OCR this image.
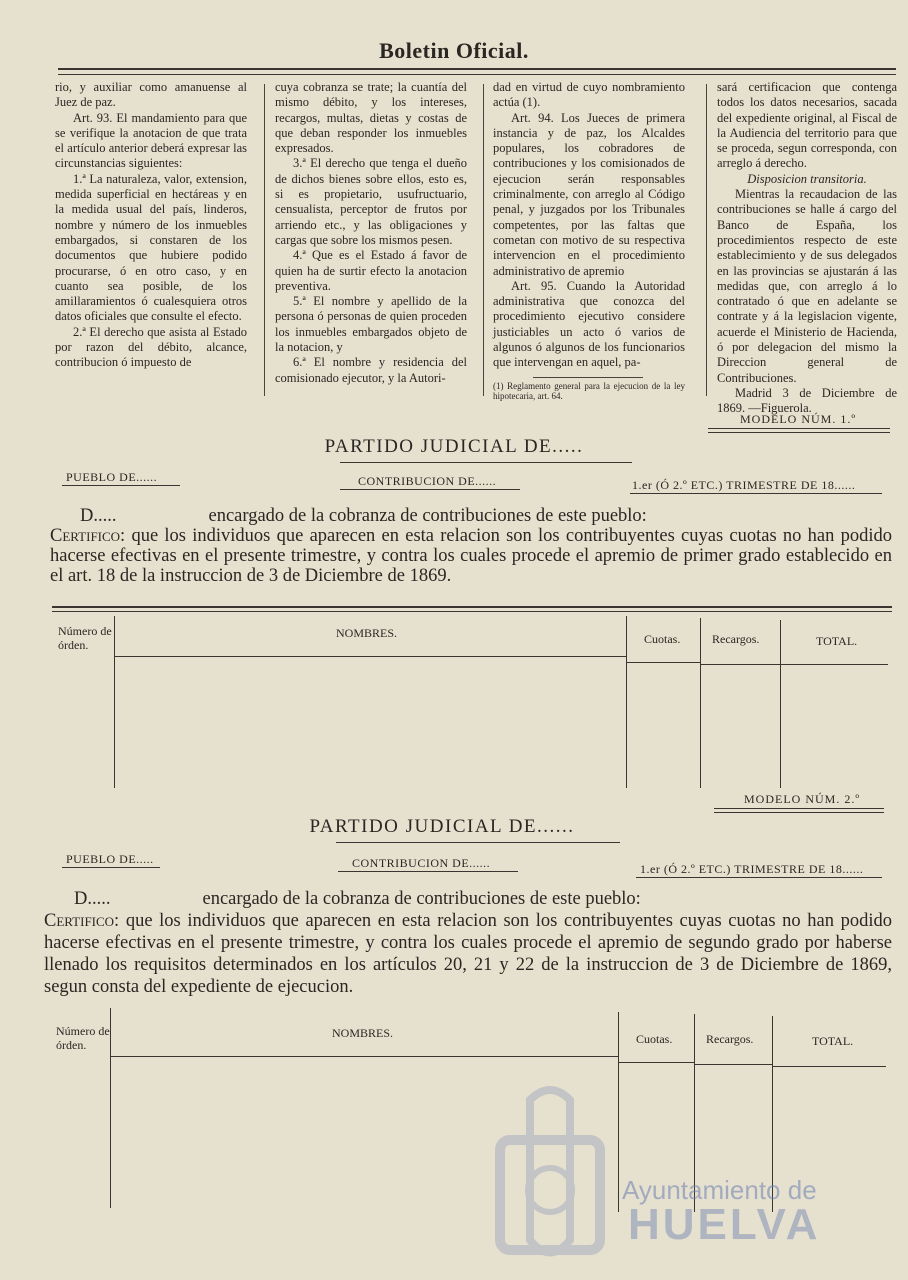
Boletin Oficial.

rio, y auxiliar como amanuense al Juez de paz.

Art. 93. El mandamiento para que se verifique la anotacion de que trata el artículo anterior deberá expresar las circunstancias siguientes:

1.ª La naturaleza, valor, extension, medida superficial en hectáreas y en la medida usual del país, linderos, nombre y número de los inmuebles embargados, si constaren de los documentos que hubiere podido procurarse, ó en otro caso, y en cuanto sea posible, de los amillaramientos ó cualesquiera otros datos oficiales que consulte el efecto.

2.ª El derecho que asista al Estado por razon del débito, alcance, contribucion ó impuesto de

cuya cobranza se trate; la cuantía del mismo débito, y los intereses, recargos, multas, dietas y costas de que deban responder los inmuebles expresados.

3.ª El derecho que tenga el dueño de dichos bienes sobre ellos, esto es, si es propietario, usufructuario, censualista, perceptor de frutos por arriendo etc., y las obligaciones y cargas que sobre los mismos pesen.

4.ª Que es el Estado á favor de quien ha de surtir efecto la anotacion preventiva.

5.ª El nombre y apellido de la persona ó personas de quien proceden los inmuebles embargados objeto de la notacion, y

6.ª El nombre y residencia del comisionado ejecutor, y la Autori-

dad en virtud de cuyo nombramiento actúa (1).

Art. 94. Los Jueces de primera instancia y de paz, los Alcaldes populares, los cobradores de contribuciones y los comisionados de ejecucion serán responsables criminalmente, con arreglo al Código penal, y juzgados por los Tribunales competentes, por las faltas que cometan con motivo de su respectiva intervencion en el procedimiento administrativo de apremio

Art. 95. Cuando la Autoridad administrativa que conozca del procedimiento ejecutivo considere justiciables un acto ó varios de algunos ó algunos de los funcionarios que intervengan en aquel, pa-

(1) Reglamento general para la ejecucion de la ley hipotecaria, art. 64.

sará certificacion que contenga todos los datos necesarios, sacada del expediente original, al Fiscal de la Audiencia del territorio para que se proceda, segun corresponda, con arreglo á derecho.

Disposicion transitoria.

Mientras la recaudacion de las contribuciones se halle á cargo del Banco de España, los procedimientos respecto de este establecimiento y de sus delegados en las provincias se ajustarán á las medidas que, con arreglo á lo contratado ó que en adelante se contrate y á la legislacion vigente, acuerde el Ministerio de Hacienda, ó por delegacion del mismo la Direccion general de Contribuciones.

Madrid 3 de Diciembre de 1869. —Figuerola.

MODELO NÚM. 1.º
PARTIDO JUDICIAL DE.....
PUEBLO DE......	CONTRIBUCION DE......	1.er (Ó 2.º ETC.) TRIMESTRE DE 18......
D.....	encargado de la cobranza de contribuciones de este pueblo:
Certifico: que los individuos que aparecen en esta relacion son los contribuyentes cuyas cuotas no han podido hacerse efectivas en el presente trimestre, y contra los cuales procede el apremio de primer grado establecido en el art. 18 de la instruccion de 3 de Diciembre de 1869.
Número de órden.
NOMBRES.	Cuotas.	Recargos.	TOTAL.
MODELO NÚM. 2.º
PARTIDO JUDICIAL DE......
PUEBLO DE.....	CONTRIBUCION DE......	1.er (Ó 2.º ETC.) TRIMESTRE DE 18......
D.....	encargado de la cobranza de contribuciones de este pueblo:
Certifico: que los individuos que aparecen en esta relacion son los contribuyentes cuyas cuotas no han podido hacerse efectivas en el presente trimestre, y contra los cuales procede el apremio de segundo grado por haberse llenado los requisitos determinados en los artículos 20, 21 y 22 de la instruccion de 3 de Diciembre de 1869, segun consta del expediente de ejecucion.
Número de órden.
NOMBRES.	Cuotas.	Recargos.	TOTAL.
Ayuntamiento de
HUELVA
